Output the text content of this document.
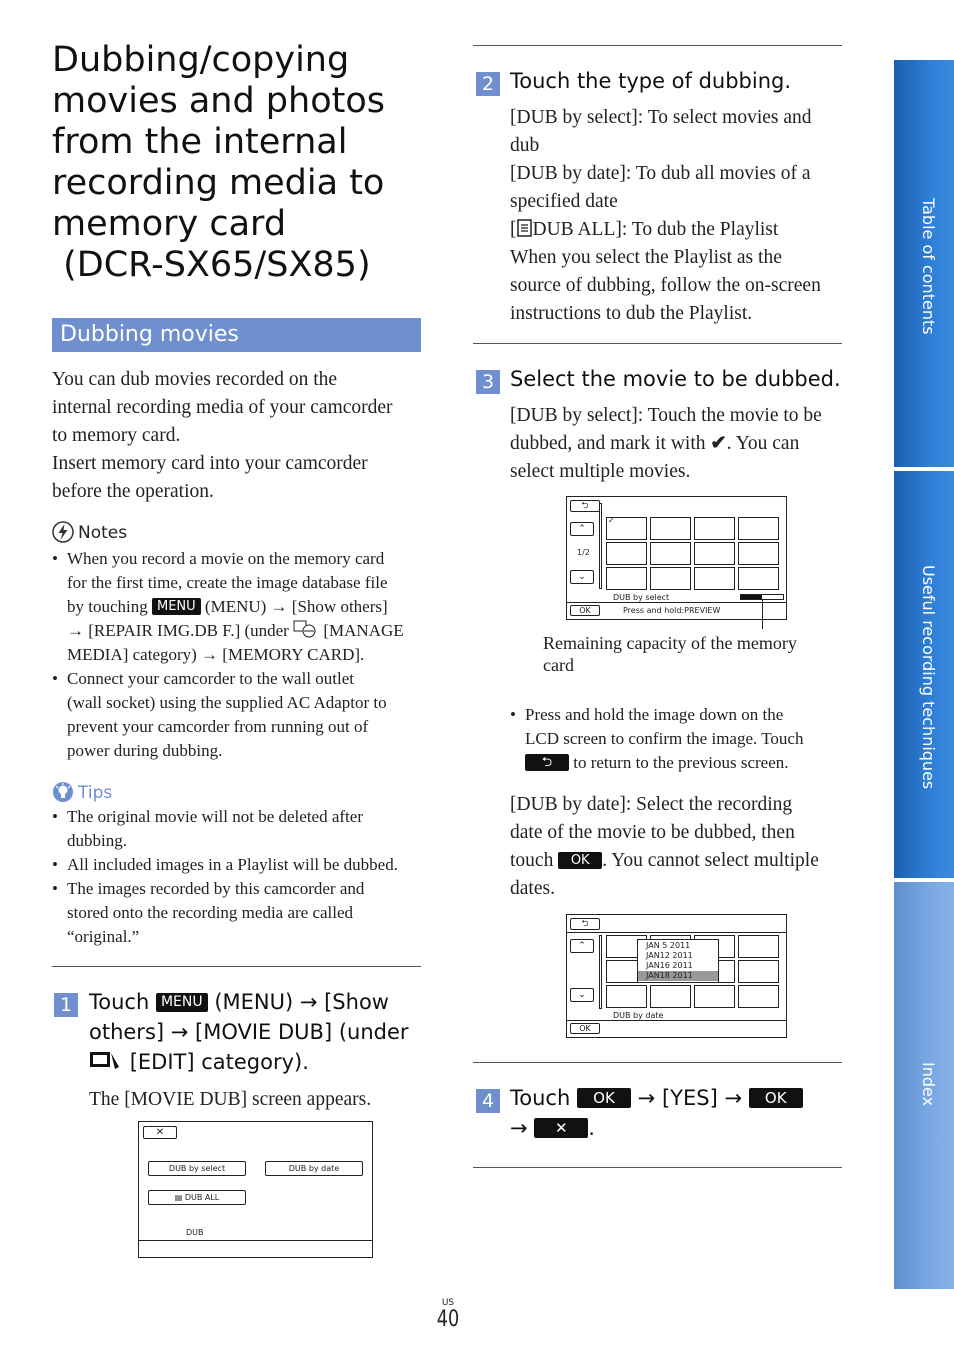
Dubbing/copying
movies and photos
from the internal
recording media to
memory card
(DCR-SX65/SX85)
Dubbing movies
You can dub movies recorded on the
internal recording media of your camcorder
to memory card.
Insert memory card into your camcorder
before the operation.
Notes
• When you record a movie on the memory card
for the first time, create the image database file
by touching MENU (MENU) → [Show others]
→ [REPAIR IMG.DB F.] (under [MANAGE
MEDIA] category) → [MEMORY CARD].
• Connect your camcorder to the wall outlet
(wall socket) using the supplied AC Adaptor to
prevent your camcorder from running out of
power during dubbing.
Tips
• The original movie will not be deleted after
dubbing.
• All included images in a Playlist will be dubbed.
• The images recorded by this camcorder and
stored onto the recording media are called
“original.”
1 Touch MENU (MENU) → [Show
others] → [MOVIE DUB] (under
[EDIT] category).
The [MOVIE DUB] screen appears.
✕
DUB by select	DUB by date
▤ DUB ALL
DUB
2 Touch the type of dubbing.
[DUB by select]: To select movies and
dub
[DUB by date]: To dub all movies of a
specified date
[ DUB ALL]: To dub the Playlist
When you select the Playlist as the
source of dubbing, follow the on-screen
instructions to dub the Playlist.
3 Select the movie to be dubbed.
[DUB by select]: Touch the movie to be
dubbed, and mark it with ✔. You can
select multiple movies.
⮌
⌃
1/2
⌄
✓
DUB by select
OK	Press and hold:PREVIEW
Remaining capacity of the memory
card
• Press and hold the image down on the
LCD screen to confirm the image. Touch
⮌ to return to the previous screen.
[DUB by date]: Select the recording
date of the movie to be dubbed, then
touch OK . You cannot select multiple
dates.
⮌
⌃
⌄
JAN 5 2011
JAN12 2011
JAN16 2011
JAN18 2011
DUB by date
OK
4 Touch OK → [YES] → OK
→ ✕ .
US
40
Table of contents
Useful recording techniques
Index
